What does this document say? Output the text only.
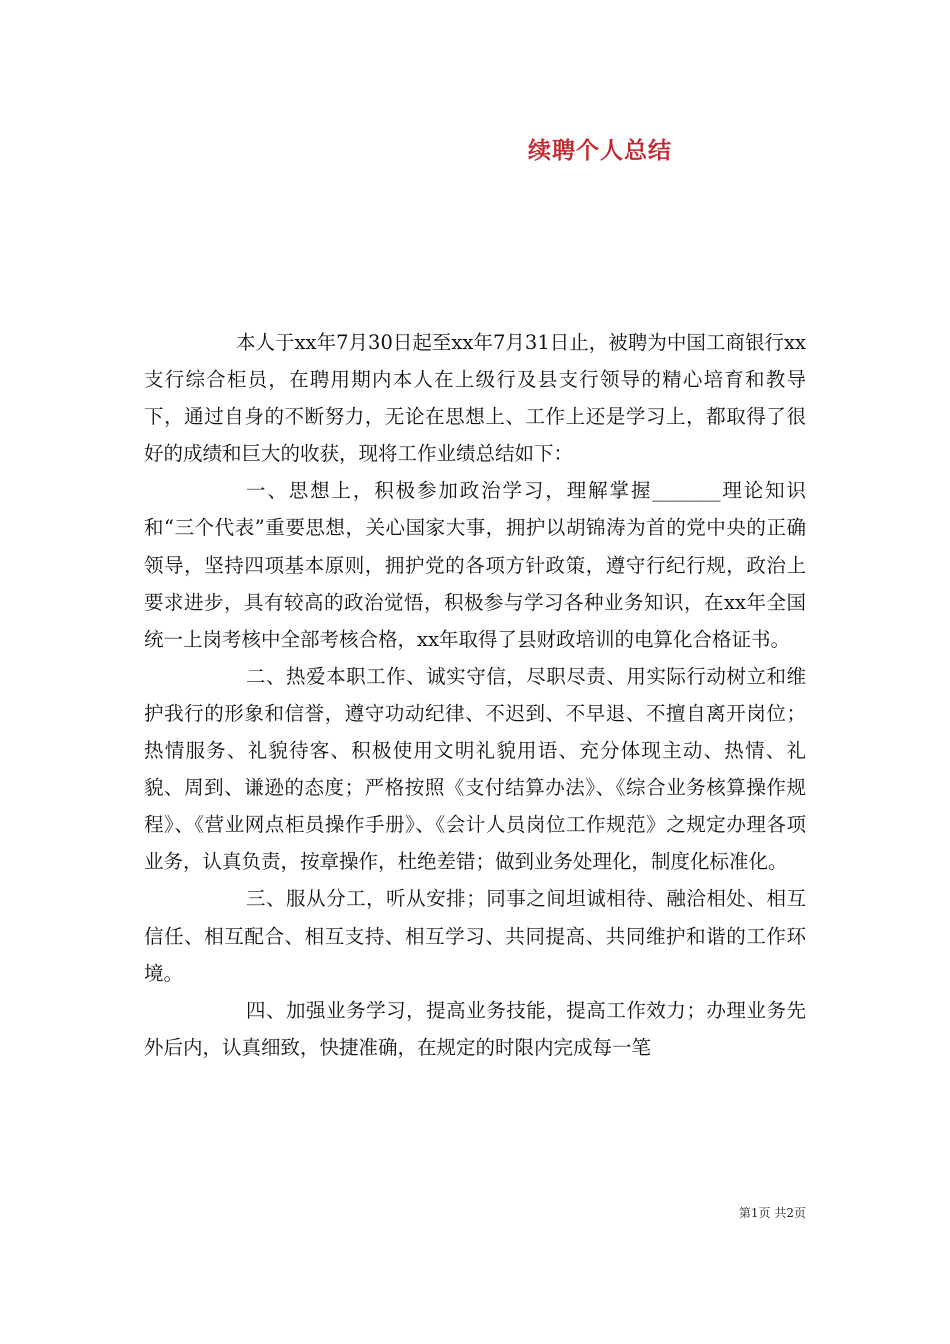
续聘个人总结

本人于xx年7月30日起至xx年7月31日止，被聘为中国工商银行xx支行综合柜员，在聘用期内本人在上级行及县支行领导的精心培育和教导下，通过自身的不断努力，无论在思想上、工作上还是学习上，都取得了很好的成绩和巨大的收获，现将工作业绩总结如下：

一、思想上，积极参加政治学习，理解掌握_______理论知识和“三个代表”重要思想，关心国家大事，拥护以胡锦涛为首的党中央的正确领导，坚持四项基本原则，拥护党的各项方针政策，遵守行纪行规，政治上要求进步，具有较高的政治觉悟，积极参与学习各种业务知识，在xx年全国统一上岗考核中全部考核合格，xx年取得了县财政培训的电算化合格证书。

二、热爱本职工作、诚实守信，尽职尽责、用实际行动树立和维护我行的形象和信誉，遵守功动纪律、不迟到、不早退、不擅自离开岗位；热情服务、礼貌待客、积极使用文明礼貌用语、充分体现主动、热情、礼貌、周到、谦逊的态度；严格按照《支付结算办法》、《综合业务核算操作规程》、《营业网点柜员操作手册》、《会计人员岗位工作规范》之规定办理各项业务，认真负责，按章操作，杜绝差错；做到业务处理化，制度化标准化。

三、服从分工，听从安排；同事之间坦诚相待、融洽相处、相互信任、相互配合、相互支持、相互学习、共同提高、共同维护和谐的工作环境。

四、加强业务学习，提高业务技能，提高工作效力；办理业务先外后内，认真细致，快捷准确，在规定的时限内完成每一笔

第1页 共2页
